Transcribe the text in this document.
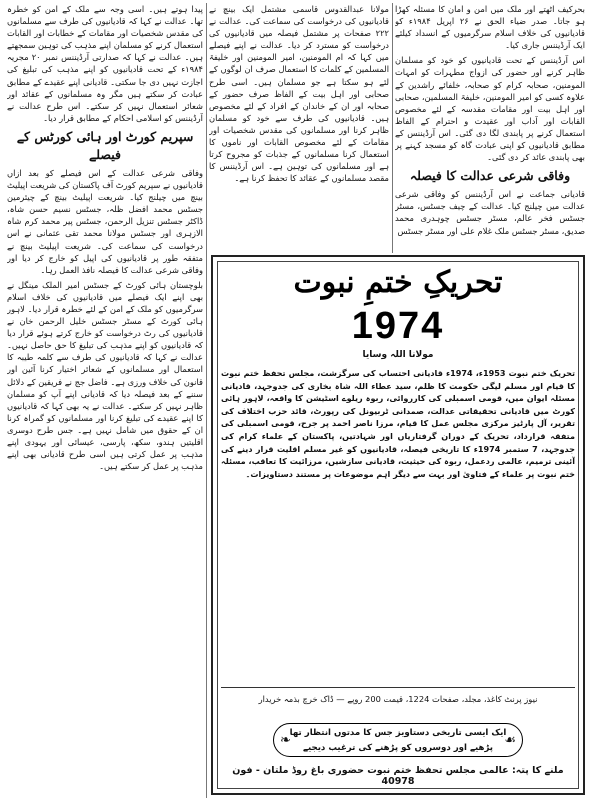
بحرکیف اٹھتے اور ملک میں امن و امان کا مسئلہ کھڑا ہو جاتا۔ صدر ضیاء الحق نے ۲۶ اپریل ۱۹۸۴ء کو قادیانیوں کی خلاف اسلام سرگرمیوں کے انسداد کیلئے ایک آرڈیننس جاری کیا۔

اس آرڈیننس کے تحت قادیانیوں کو خود کو مسلمان ظاہر کرنے اور حضور کی ازواج مطہرات کو امہات المومنین، صحابہ کرام کو صحابہ، خلفائے راشدین کے علاوہ کسی کو امیر المومنین، خلیفۃ المسلمین، صحابی اور اہل بیت اور مقامات مقدسہ کے لئے مخصوص القابات اور آداب اور عقیدت و احترام کے الفاظ استعمال کرنے پر پابندی لگا دی گئی۔ اس آرڈیننس کے مطابق قادیانیوں کو اپنی عبادت گاہ کو مسجد کہنے پر بھی پابندی عائد کر دی گئی۔

وفاقی شرعی عدالت کا فیصلہ

قادیانی جماعت نے اس آرڈیننس کو وفاقی شرعی عدالت میں چیلنج کیا۔ عدالت کے چیف جسٹس، مسٹر جسٹس فخر عالم، مسٹر جسٹس چوہدری محمد صدیق، مسٹر جسٹس ملک غلام علی اور مسٹر جسٹس

مولانا عبدالقدوس قاسمی مشتمل ایک بینچ نے قادیانیوں کی درخواست کی سماعت کی۔ عدالت نے ۲۲۲ صفحات پر مشتمل فیصلہ میں قادیانیوں کی درخواست کو مسترد کر دیا۔ عدالت نے اپنے فیصلے میں کہا کہ ام المومنین، امیر المومنین اور خلیفۃ المسلمین کے کلمات کا استعمال صرف ان لوگوں کے لئے ہو سکتا ہے جو مسلمان ہیں۔ اسی طرح صحابی اور اہل بیت کے الفاظ صرف حضور کے صحابہ اور ان کے خاندان کے افراد کے لئے مخصوص ہیں۔ قادیانیوں کی طرف سے خود کو مسلمان ظاہر کرنا اور مسلمانوں کی مقدس شخصیات اور مقامات کے لئے مخصوص القابات اور ناموں کا استعمال کرنا مسلمانوں کے جذبات کو مجروح کرتا ہے اور مسلمانوں کی توہین ہے۔ اس آرڈیننس کا مقصد مسلمانوں کے عقائد کا تحفظ کرنا ہے۔

پیدا ہوتے ہیں۔ اسی وجہ سے ملک کے امن کو خطرہ تھا۔ عدالت نے کہا کہ قادیانیوں کی طرف سے مسلمانوں کی مقدس شخصیات اور مقامات کے خطابات اور القابات استعمال کرنے کو مسلمان اپنے مذہب کی توہین سمجھتے ہیں۔ عدالت نے کہا کہ صدارتی آرڈیننس نمبر ۲۰ مجریہ ۱۹۸۴ء کے تحت قادیانیوں کو اپنے مذہب کی تبلیغ کی اجازت نہیں دی جا سکتی۔ قادیانی اپنے عقیدے کے مطابق عبادت کر سکتے ہیں مگر وہ مسلمانوں کے عقائد اور شعائر استعمال نہیں کر سکتے۔ اس طرح عدالت نے آرڈیننس کو اسلامی احکام کے مطابق قرار دیا۔

سپریم کورٹ اور ہائی کورٹس کے فیصلے

وفاقی شرعی عدالت کے اس فیصلے کو بعد ازاں قادیانیوں نے سپریم کورٹ آف پاکستان کی شریعت اپیلیٹ بینچ میں چیلنج کیا۔ شریعت اپیلیٹ بینچ کے چیئرمین جسٹس محمد افضل ظلہ، جسٹس نسیم حسن شاہ، ڈاکٹر جسٹس تنزیل الرحمن، جسٹس پیر محمد کرم شاہ الازہری اور جسٹس مولانا محمد تقی عثمانی نے اس درخواست کی سماعت کی۔ شریعت اپیلیٹ بینچ نے متفقہ طور پر قادیانیوں کی اپیل کو خارج کر دیا اور وفاقی شرعی عدالت کا فیصلہ نافذ العمل رہا۔

بلوچستان ہائی کورٹ کے جسٹس امیر الملک مینگل نے بھی اپنے ایک فیصلے میں قادیانیوں کی خلاف اسلام سرگرمیوں کو ملک کے امن کے لئے خطرہ قرار دیا۔ لاہور ہائی کورٹ کے مسٹر جسٹس خلیل الرحمن خان نے قادیانیوں کی رٹ درخواست کو خارج کرتے ہوئے قرار دیا کہ قادیانیوں کو اپنے مذہب کی تبلیغ کا حق حاصل نہیں۔ عدالت نے کہا کہ قادیانیوں کی طرف سے کلمہ طیبہ کا استعمال اور مسلمانوں کے شعائر اختیار کرنا آئین اور قانون کی خلاف ورزی ہے۔ فاضل جج نے فریقین کے دلائل سننے کے بعد فیصلہ دیا کہ قادیانی اپنے آپ کو مسلمان ظاہر نہیں کر سکتے۔ عدالت نے یہ بھی کہا کہ قادیانیوں کا اپنے عقیدے کی تبلیغ کرنا اور مسلمانوں کو گمراہ کرنا ان کے حقوق میں شامل نہیں ہے۔ جس طرح دوسری اقلیتیں ہندو، سکھ، پارسی، عیسائی اور یہودی اپنے مذہب پر عمل کرتی ہیں اسی طرح قادیانی بھی اپنے مذہب پر عمل کر سکتے ہیں۔

تحریکِ ختمِ نبوت
1974
مولانا اللہ وسایا
تحریک ختم نبوت 1953ء، 1974ء قادیانی احتساب کی سرگزشت، مجلس تحفظ ختم نبوت کا قیام اور مسلم لیگی حکومت کا ظلم، سید عطاء اللہ شاہ بخاری کی جدوجہد، قادیانی مسئلہ ایوان میں، قومی اسمبلی کی کارروائی، ربوہ ریلوے اسٹیشن کا واقعہ، لاہور ہائی کورٹ میں قادیانی تحقیقاتی عدالت، صمدانی ٹربیونل کی رپورٹ، قائد حزب اختلاف کی تقریر، آل پارٹیز مرکزی مجلس عمل کا قیام، مرزا ناصر احمد پر جرح، قومی اسمبلی کی متفقہ قرارداد، تحریک کے دوران گرفتاریاں اور شہادتیں، پاکستان کے علماء کرام کی جدوجہد، 7 ستمبر 1974ء کا تاریخی فیصلہ، قادیانیوں کو غیر مسلم اقلیت قرار دینے کی آئینی ترمیم، عالمی ردعمل، ربوہ کی حیثیت، قادیانی سازشیں، مرزائیت کا تعاقب، مسئلہ ختم نبوت پر علماء کے فتاویٰ اور بہت سے دیگر اہم موضوعات پر مستند دستاویزات۔
نیوز پرنٹ کاغذ، مجلد، صفحات 1224، قیمت 200 روپے — ڈاک خرچ بذمہ خریدار
❧	☙
ایک ایسی تاریخی دستاویز جس کا مدتوں انتظار تھا
پڑھیے اور دوسروں کو پڑھنے کی ترغیب دیجیے
ملنے کا پتہ: عالمی مجلس تحفظ ختم نبوت حضوری باغ روڈ ملتان - فون 40978
